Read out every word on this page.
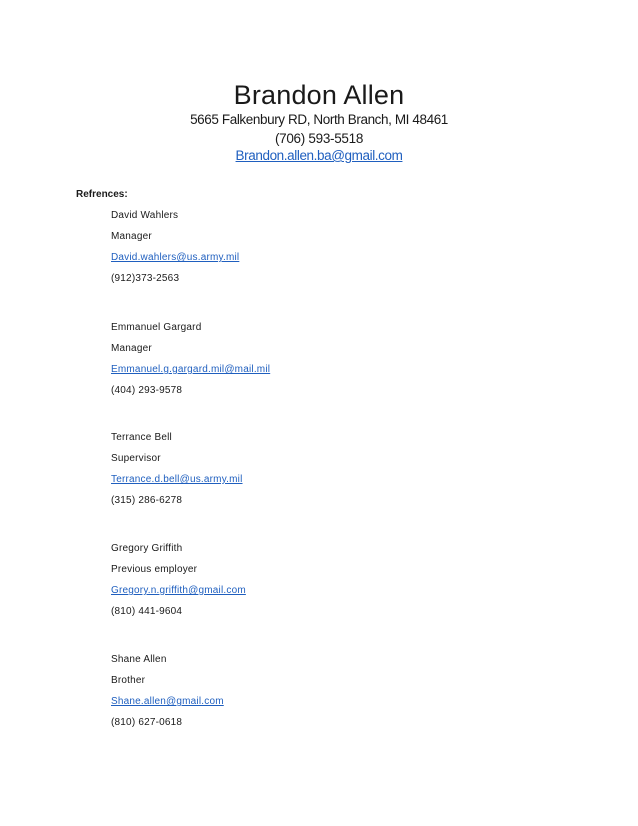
Brandon Allen
5665 Falkenbury RD, North Branch, MI 48461
(706) 593-5518
Brandon.allen.ba@gmail.com
Refrences:
David Wahlers
Manager
David.wahlers@us.army.mil
(912)373-2563
Emmanuel Gargard
Manager
Emmanuel.g.gargard.mil@mail.mil
(404) 293-9578
Terrance Bell
Supervisor
Terrance.d.bell@us.army.mil
(315) 286-6278
Gregory Griffith
Previous employer
Gregory.n.griffith@gmail.com
(810) 441-9604
Shane Allen
Brother
Shane.allen@gmail.com
(810) 627-0618
